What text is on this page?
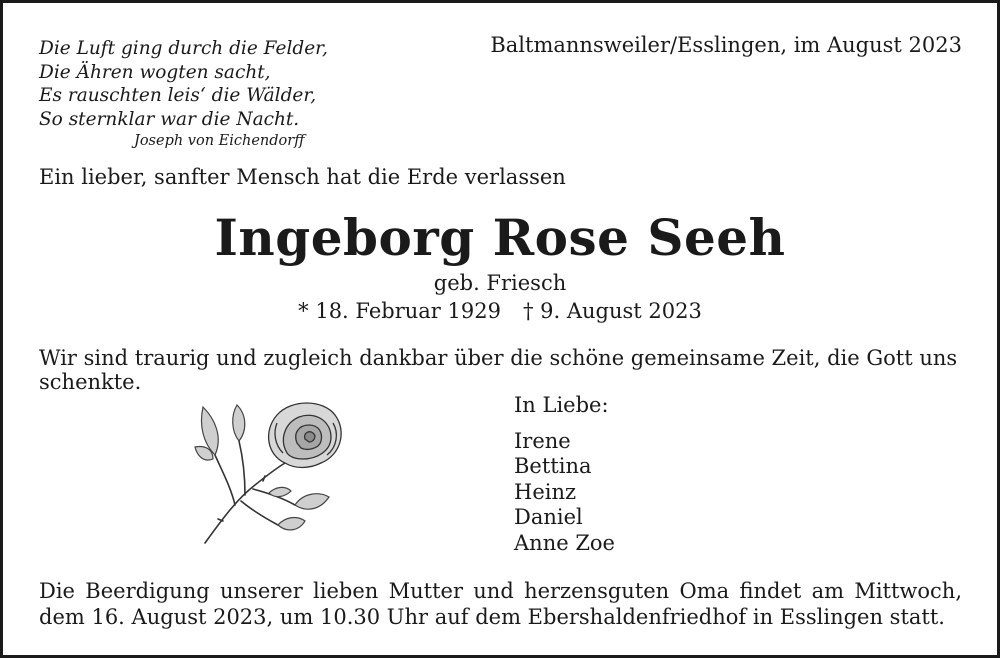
Die Luft ging durch die Felder,
Die Ähren wogten sacht,
Es rauschten leis‘ die Wälder,
So sternklar war die Nacht.
Joseph von Eichendorff
Baltmannsweiler/Esslingen, im August 2023
Ein lieber, sanfter Mensch hat die Erde verlassen
Ingeborg Rose Seeh
geb. Friesch
* 18. Februar 1929 † 9. August 2023
Wir sind traurig und zugleich dankbar über die schöne gemeinsame Zeit, die Gott uns schenkte.
In Liebe:
Irene
Bettina
Heinz
Daniel
Anne Zoe
Die Beerdigung unserer lieben Mutter und herzensguten Oma findet am Mittwoch, dem 16. August 2023, um 10.30 Uhr auf dem Ebershaldenfriedhof in Esslingen statt.
